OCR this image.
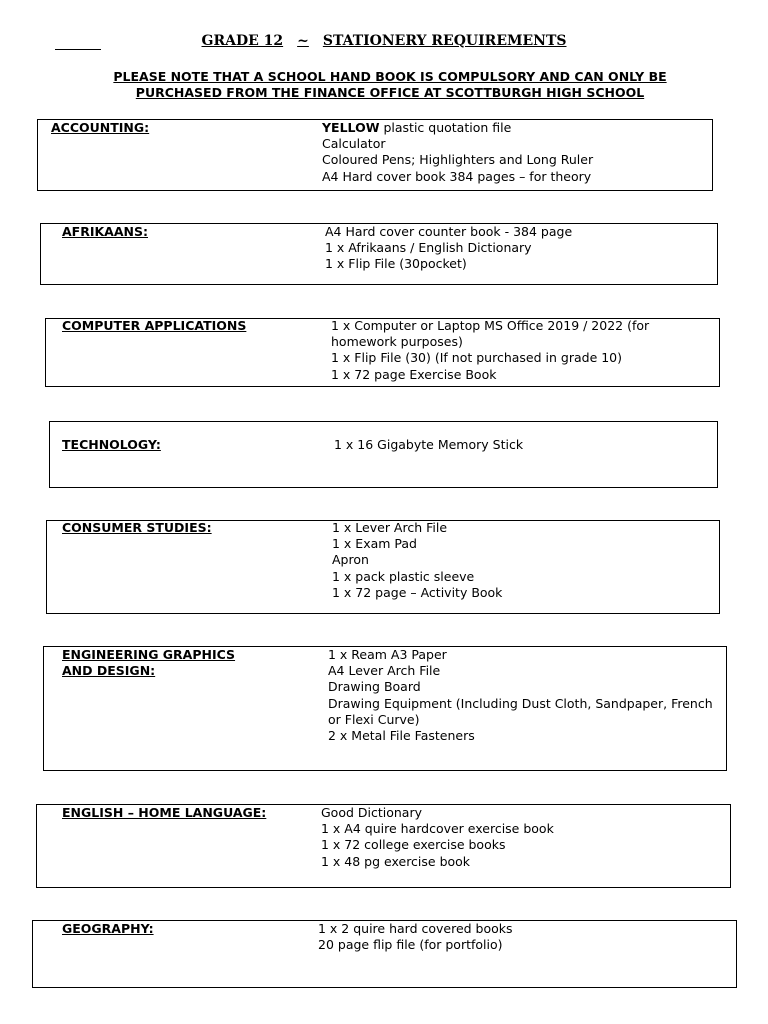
GRADE 12 ~ STATIONERY REQUIREMENTS
PLEASE NOTE THAT A SCHOOL HAND BOOK IS COMPULSORY AND CAN ONLY BE
PURCHASED FROM THE FINANCE OFFICE AT SCOTTBURGH HIGH SCHOOL
ACCOUNTING:	YELLOW plastic quotation file
Calculator
Coloured Pens; Highlighters and Long Ruler
A4 Hard cover book 384 pages – for theory
AFRIKAANS:	A4 Hard cover counter book - 384 page
1 x Afrikaans / English Dictionary
1 x Flip File (30pocket)
COMPUTER APPLICATIONS	1 x Computer or Laptop MS Office 2019 / 2022 (for
homework purposes)
1 x Flip File (30) (If not purchased in grade 10)
1 x 72 page Exercise Book
TECHNOLOGY:	1 x 16 Gigabyte Memory Stick
CONSUMER STUDIES:	1 x Lever Arch File
1 x Exam Pad
Apron
1 x pack plastic sleeve
1 x 72 page – Activity Book
ENGINEERING GRAPHICS
AND DESIGN:
1 x Ream A3 Paper
A4 Lever Arch File
Drawing Board
Drawing Equipment (Including Dust Cloth, Sandpaper, French
or Flexi Curve)
2 x Metal File Fasteners
ENGLISH – HOME LANGUAGE:	Good Dictionary
1 x A4 quire hardcover exercise book
1 x 72 college exercise books
1 x 48 pg exercise book
GEOGRAPHY:	1 x 2 quire hard covered books
20 page flip file (for portfolio)
